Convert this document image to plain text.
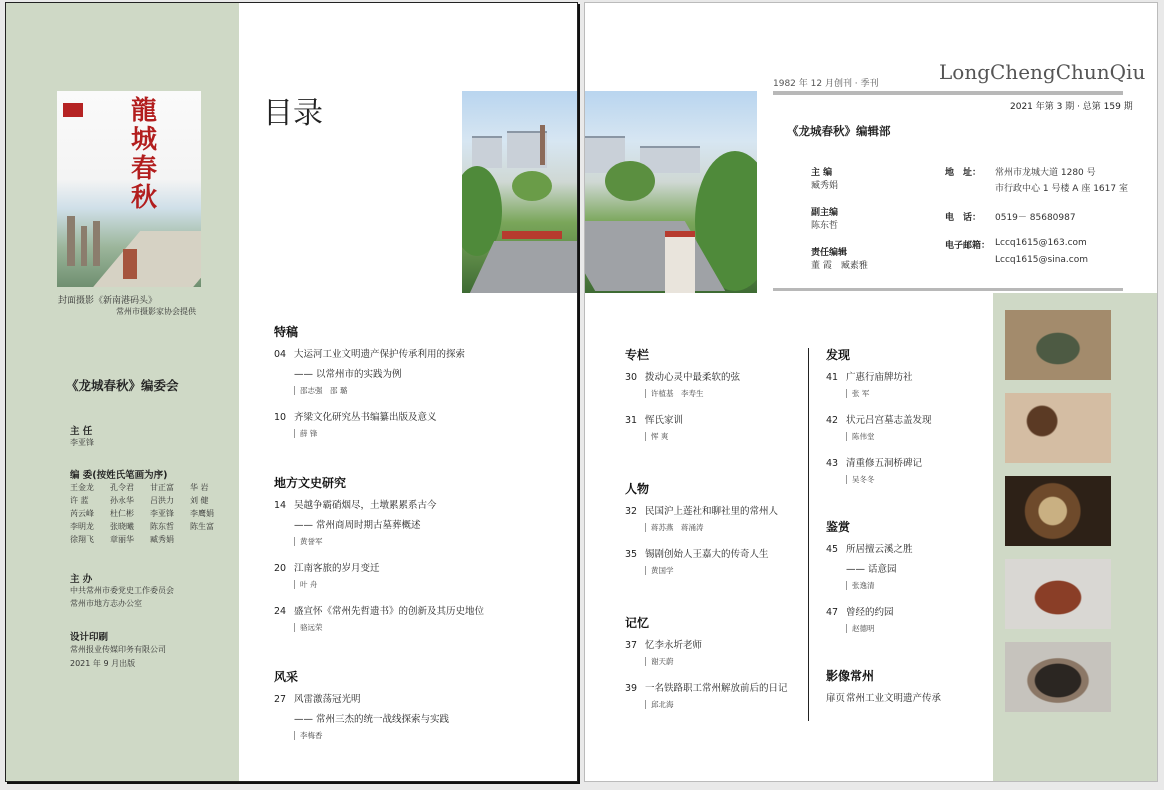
龍城春秋
封面摄影《新南港码头》
常州市摄影家协会提供
《龙城春秋》编委会
主 任
李亚锋
编 委(按姓氏笔画为序)
王金龙	孔令君	甘正富	华 岩
许 蓝	孙永华	吕洪力	刘 健
芮云峰	杜仁彬	李亚锋	李鹰娟
李明龙	张晓曦	陈东哲	陈生富
徐翔飞	章丽华	臧秀娟
主 办
中共常州市委党史工作委员会
常州市地方志办公室
设计印刷
常州报业传媒印务有限公司
2021 年 9 月出版
目录
特稿
04 大运河工业文明遗产保护传承利用的探索
—— 以常州市的实践为例
邵志强　邵 璐
10 齐梁文化研究丛书编纂出版及意义
薛 锋
地方文史研究
14 吴越争霸硝烟尽，土墩累累系古今
—— 常州商周时期古墓葬概述
黄誉军
20 江南客旅的岁月变迁
叶 舟
24 盛宣怀《常州先哲遗书》的创新及其历史地位
骆远荣
风采
27 风雷激荡冠光明
—— 常州三杰的统一战线探索与实践
李梅香
1982 年 12 月创刊 · 季刊	LongChengChunQiu
2021 年第 3 期 · 总第 159 期
《龙城春秋》编辑部
主 编
臧秀娟
副主编
陈东哲
责任编辑
董 霞　臧素雅
地　址： 常州市龙城大道 1280 号
市行政中心 1 号楼 A 座 1617 室
电　话： 0519－ 85680987
电子邮箱： Lccq1615@163.com
Lccq1615@sina.com
专栏
30 拨动心灵中最柔软的弦
许植基　李寿生
31 恽氏家训
恽 爽
人物
32 民国沪上莲社和聊社里的常州人
蒋苏燕　蒋涌涛
35 锡剧创始人王嘉大的传奇人生
黄国学
记忆
37 忆李永圻老师
谢天蔚
39 一名铁路职工常州解放前后的日记
邱北海
发现
41 广惠行庙牌坊社
张 军
42 状元吕宫墓志盖发现
陈伟堂
43 清重修五洞桥碑记
吴冬冬
鉴赏
45 所居擅云溪之胜
—— 话意园
张逸清
47 曾经的约园
赵德明
影像常州
扉页常州工业文明遗产传承
